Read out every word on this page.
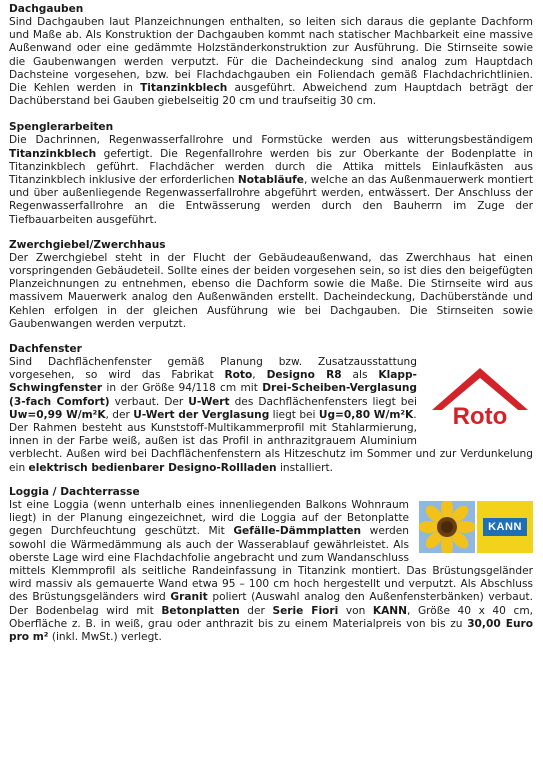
Dachgauben

Sind Dachgauben laut Planzeichnungen enthalten, so leiten sich daraus die geplante Dachform und Maße ab. Als Konstruktion der Dachgauben kommt nach statischer Machbarkeit eine massive Außenwand oder eine gedämmte Holzständerkonstruktion zur Ausführung. Die Stirnseite sowie die Gaubenwangen werden verputzt. Für die Dacheindeckung sind analog zum Hauptdach Dachsteine vorgesehen, bzw. bei Flachdachgauben ein Foliendach gemäß Flachdachrichtlinien. Die Kehlen werden in Titanzinkblech ausgeführt. Abweichend zum Hauptdach beträgt der Dachüberstand bei Gauben giebelseitig 20 cm und traufseitig 30 cm.

Spenglerarbeiten

Die Dachrinnen, Regenwasserfallrohre und Formstücke werden aus witterungsbeständigem Titanzinkblech gefertigt. Die Regenfallrohre werden bis zur Oberkante der Bodenplatte in Titanzinkblech geführt. Flachdächer werden durch die Attika mittels Einlaufkästen aus Titanzinkblech inklusive der erforderlichen Notabläufe, welche an das Außenmauerwerk montiert und über außenliegende Regenwasserfallrohre abgeführt werden, entwässert. Der Anschluss der Regenwasserfallrohre an die Entwässerung werden durch den Bauherrn im Zuge der Tiefbauarbeiten ausgeführt.

Zwerchgiebel/Zwerchhaus

Der Zwerchgiebel steht in der Flucht der Gebäudeaußenwand, das Zwerchhaus hat einen vorspringenden Gebäudeteil. Sollte eines der beiden vorgesehen sein, so ist dies den beigefügten Planzeichnungen zu entnehmen, ebenso die Dachform sowie die Maße. Die Stirnseite wird aus massivem Mauerwerk analog den Außenwänden erstellt. Dacheindeckung, Dachüberstände und Kehlen erfolgen in der gleichen Ausführung wie bei Dachgauben. Die Stirnseiten sowie Gaubenwangen werden verputzt.

Dachfenster
Roto

Sind Dachflächenfenster gemäß Planung bzw. Zusatzausstattung vorgesehen, so wird das Fabrikat Roto, Designo R8 als Klapp-Schwingfenster in der Größe 94/118 cm mit Drei-Scheiben-Verglasung (3-fach Comfort) verbaut. Der U-Wert des Dachflächenfensters liegt bei Uw=0,99 W/m²K, der U-Wert der Verglasung liegt bei Ug=0,80 W/m²K.

Der Rahmen besteht aus Kunststoff-Multikammerprofil mit Stahlarmierung, innen in der Farbe weiß, außen ist das Profil in anthrazitgrauem Aluminium verblecht. Außen wird bei Dachflächenfenstern als Hitzeschutz im Sommer und zur Verdunkelung ein elektrisch bedienbarer Designo-Rollladen installiert.

Loggia / Dachterrasse
KANN

Ist eine Loggia (wenn unterhalb eines innenliegenden Balkons Wohnraum liegt) in der Planung eingezeichnet, wird die Loggia auf der Betonplatte gegen Durchfeuchtung geschützt. Mit Gefälle-Dämmplatten werden sowohl die Wärmedämmung als auch der Wasserablauf gewährleistet. Als oberste Lage wird eine Flachdachfolie angebracht und zum Wandanschluss mittels Klemmprofil als seitliche Randeinfassung in Titanzink montiert. Das Brüstungsgeländer wird massiv als gemauerte Wand etwa 95 – 100 cm hoch hergestellt und verputzt. Als Abschluss des Brüstungsgeländers wird Granit poliert (Auswahl analog den Außenfensterbänken) verbaut. Der Bodenbelag wird mit Betonplatten der Serie Fiori von KANN, Größe 40 x 40 cm, Oberfläche z. B. in weiß, grau oder anthrazit bis zu einem Materialpreis von bis zu 30,00 Euro pro m² (inkl. MwSt.) verlegt.
